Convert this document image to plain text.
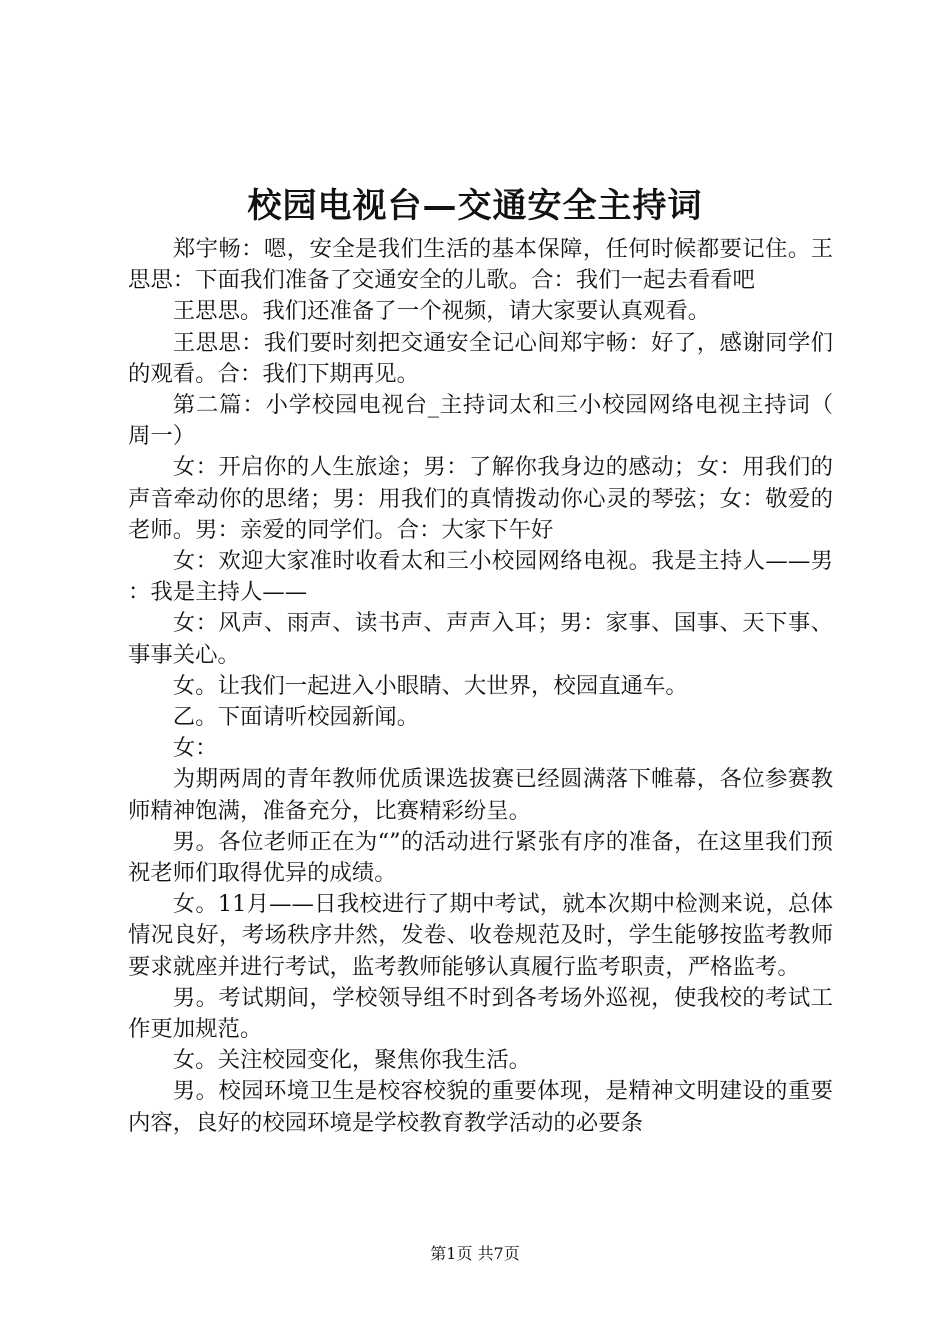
校园电视台—交通安全主持词

郑宇畅：嗯，安全是我们生活的基本保障，任何时候都要记住。王思思：下面我们准备了交通安全的儿歌。合：我们一起去看看吧

王思思。我们还准备了一个视频，请大家要认真观看。

王思思：我们要时刻把交通安全记心间郑宇畅：好了，感谢同学们的观看。合：我们下期再见。

第二篇：小学校园电视台_主持词太和三小校园网络电视主持词（周一）

女：开启你的人生旅途；男：了解你我身边的感动；女：用我们的声音牵动你的思绪；男：用我们的真情拨动你心灵的琴弦；女：敬爱的老师。男：亲爱的同学们。合：大家下午好

女：欢迎大家准时收看太和三小校园网络电视。我是主持人——男：我是主持人——

女：风声、雨声、读书声、声声入耳；男：家事、国事、天下事、事事关心。

女。让我们一起进入小眼睛、大世界，校园直通车。

乙。下面请听校园新闻。

女：

为期两周的青年教师优质课选拔赛已经圆满落下帷幕，各位参赛教师精神饱满，准备充分，比赛精彩纷呈。

男。各位老师正在为“”的活动进行紧张有序的准备，在这里我们预祝老师们取得优异的成绩。

女。11月——日我校进行了期中考试，就本次期中检测来说，总体情况良好，考场秩序井然，发卷、收卷规范及时，学生能够按监考教师要求就座并进行考试，监考教师能够认真履行监考职责，严格监考。

男。考试期间，学校领导组不时到各考场外巡视，使我校的考试工作更加规范。

女。关注校园变化，聚焦你我生活。

男。校园环境卫生是校容校貌的重要体现，是精神文明建设的重要内容，良好的校园环境是学校教育教学活动的必要条

第1页 共7页
